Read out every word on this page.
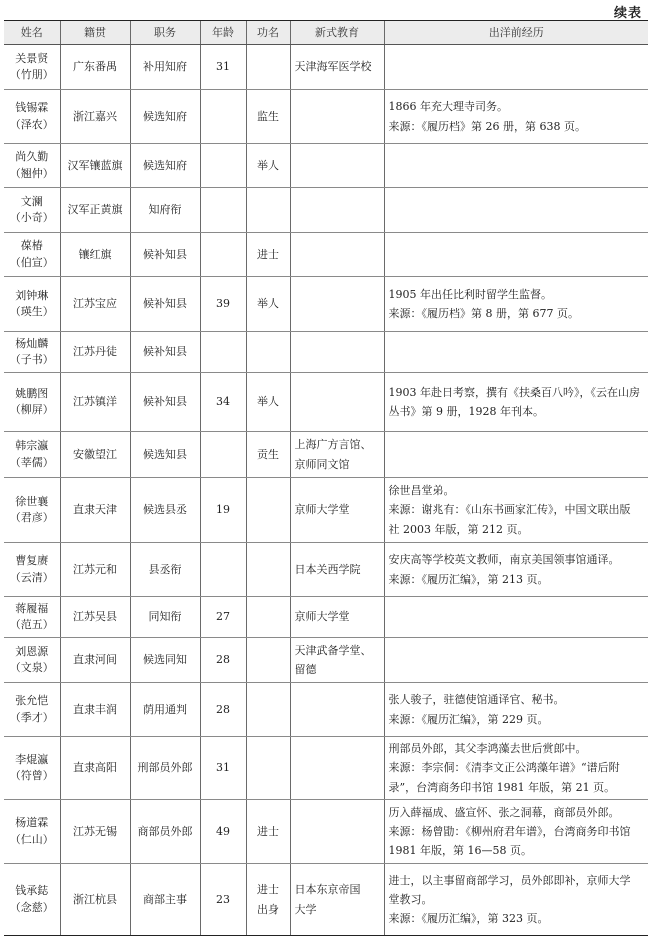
续表
姓名	籍贯	职务	年龄	功名	新式教育	出洋前经历

关景贤
（竹朋）	广东番禺	补用知府	31		天津海军医学校	

钱锡霖
（泽农）	浙江嘉兴	候选知府		监生		1866 年充大理寺司务。
来源：《履历档》第 26 册，第 638 页。

尚久勤
（翘仲）	汉军镶蓝旗	候选知府		举人		

文澜
（小奇）	汉军正黄旗	知府衔				

葆椿
（伯宣）	镶红旗	候补知县		进士		

刘钟琳
（瑛生）	江苏宝应	候补知县	39	举人		1905 年出任比利时留学生监督。
来源：《履历档》第 8 册，第 677 页。

杨灿麟
（子书）	江苏丹徒	候补知县				

姚鹏图
（柳屏）	江苏镇洋	候补知县	34	举人		1903 年赴日考察，撰有《扶桑百八吟》，《云在山房
丛书》第 9 册，1928 年刊本。

韩宗瀛
（莘儒）	安徽望江	候选知县		贡生	上海广方言馆、
京师同文馆	

徐世襄
（君彦）	直隶天津	候选县丞	19		京师大学堂	徐世昌堂弟。
来源：谢兆有：《山东书画家汇传》，中国文联出版
社 2003 年版，第 212 页。

曹复赓
（云清）	江苏元和	县丞衔			日本关西学院	安庆高等学校英文教师，南京美国领事馆通译。
来源：《履历汇编》，第 213 页。

蒋履福
（范五）	江苏吴县	同知衔	27		京师大学堂	

刘恩源
（文泉）	直隶河间	候选同知	28		天津武备学堂、
留德	

张允恺
（季才）	直隶丰润	荫用通判	28			张人骏子，驻德使馆通译官、秘书。
来源：《履历汇编》，第 229 页。

李焜瀛
（符曾）	直隶高阳	刑部员外郎	31			刑部员外郎，其父李鸿藻去世后赏郎中。
来源：李宗侗：《清李文正公鸿藻年谱》“谱后附
录”，台湾商务印书馆 1981 年版，第 21 页。

杨道霖
（仁山）	江苏无锡	商部员外郎	49	进士		历入薛福成、盛宣怀、张之洞幕，商部员外郎。
来源：杨曾勖：《柳州府君年谱》，台湾商务印书馆
1981 年版，第 16—58 页。

钱承鋕
（念慈）	浙江杭县	商部主事	23	进士
出身	日本东京帝国
大学	进士，以主事留商部学习，员外郎即补，京师大学
堂教习。
来源：《履历汇编》，第 323 页。
